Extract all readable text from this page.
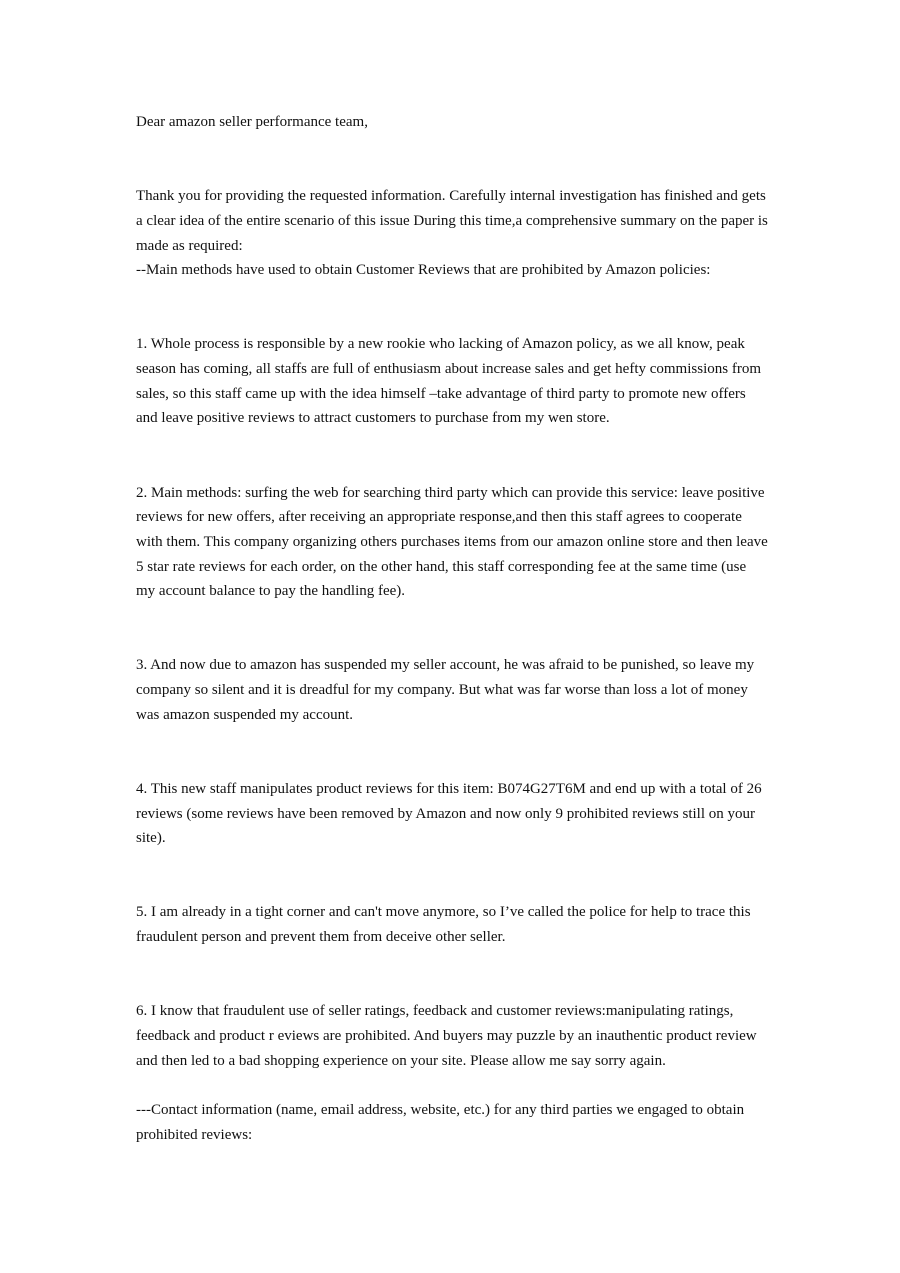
Dear amazon seller performance team,

Thank you for providing the requested information. Carefully internal investigation has finished and gets a clear idea of the entire scenario of this issue During this time,a comprehensive summary on the paper is made as required:

--Main methods have used to obtain Customer Reviews that are prohibited by Amazon policies:

1. Whole process is responsible by a new rookie who lacking of Amazon policy, as we all know, peak season has coming, all staffs are full of enthusiasm about increase sales and get hefty commissions from sales, so this staff came up with the idea himself –take advantage of third party to promote new offers and leave positive reviews to attract customers to purchase from my wen store.

2. Main methods: surfing the web for searching third party which can provide this service: leave positive reviews for new offers, after receiving an appropriate response,and then this staff agrees to cooperate with them. This company organizing others purchases items from our amazon online store and then leave 5 star rate reviews for each order, on the other hand, this staff corresponding fee at the same time (use my account balance to pay the handling fee).

3. And now due to amazon has suspended my seller account, he was afraid to be punished, so leave my company so silent and it is dreadful for my company. But what was far worse than loss a lot of money was amazon suspended my account.

4. This new staff manipulates product reviews for this item: B074G27T6M and end up with a total of 26 reviews (some reviews have been removed by Amazon and now only 9 prohibited reviews still on your site).

5. I am already in a tight corner and can't move anymore, so I’ve called the police for help to trace this fraudulent person and prevent them from deceive other seller.

6. I know that fraudulent use of seller ratings, feedback and customer reviews:manipulating ratings, feedback and product r eviews are prohibited. And buyers may puzzle by an inauthentic product review and then led to a bad shopping experience on your site. Please allow me say sorry again.

---Contact information (name, email address, website, etc.) for any third parties we engaged to obtain prohibited reviews:
